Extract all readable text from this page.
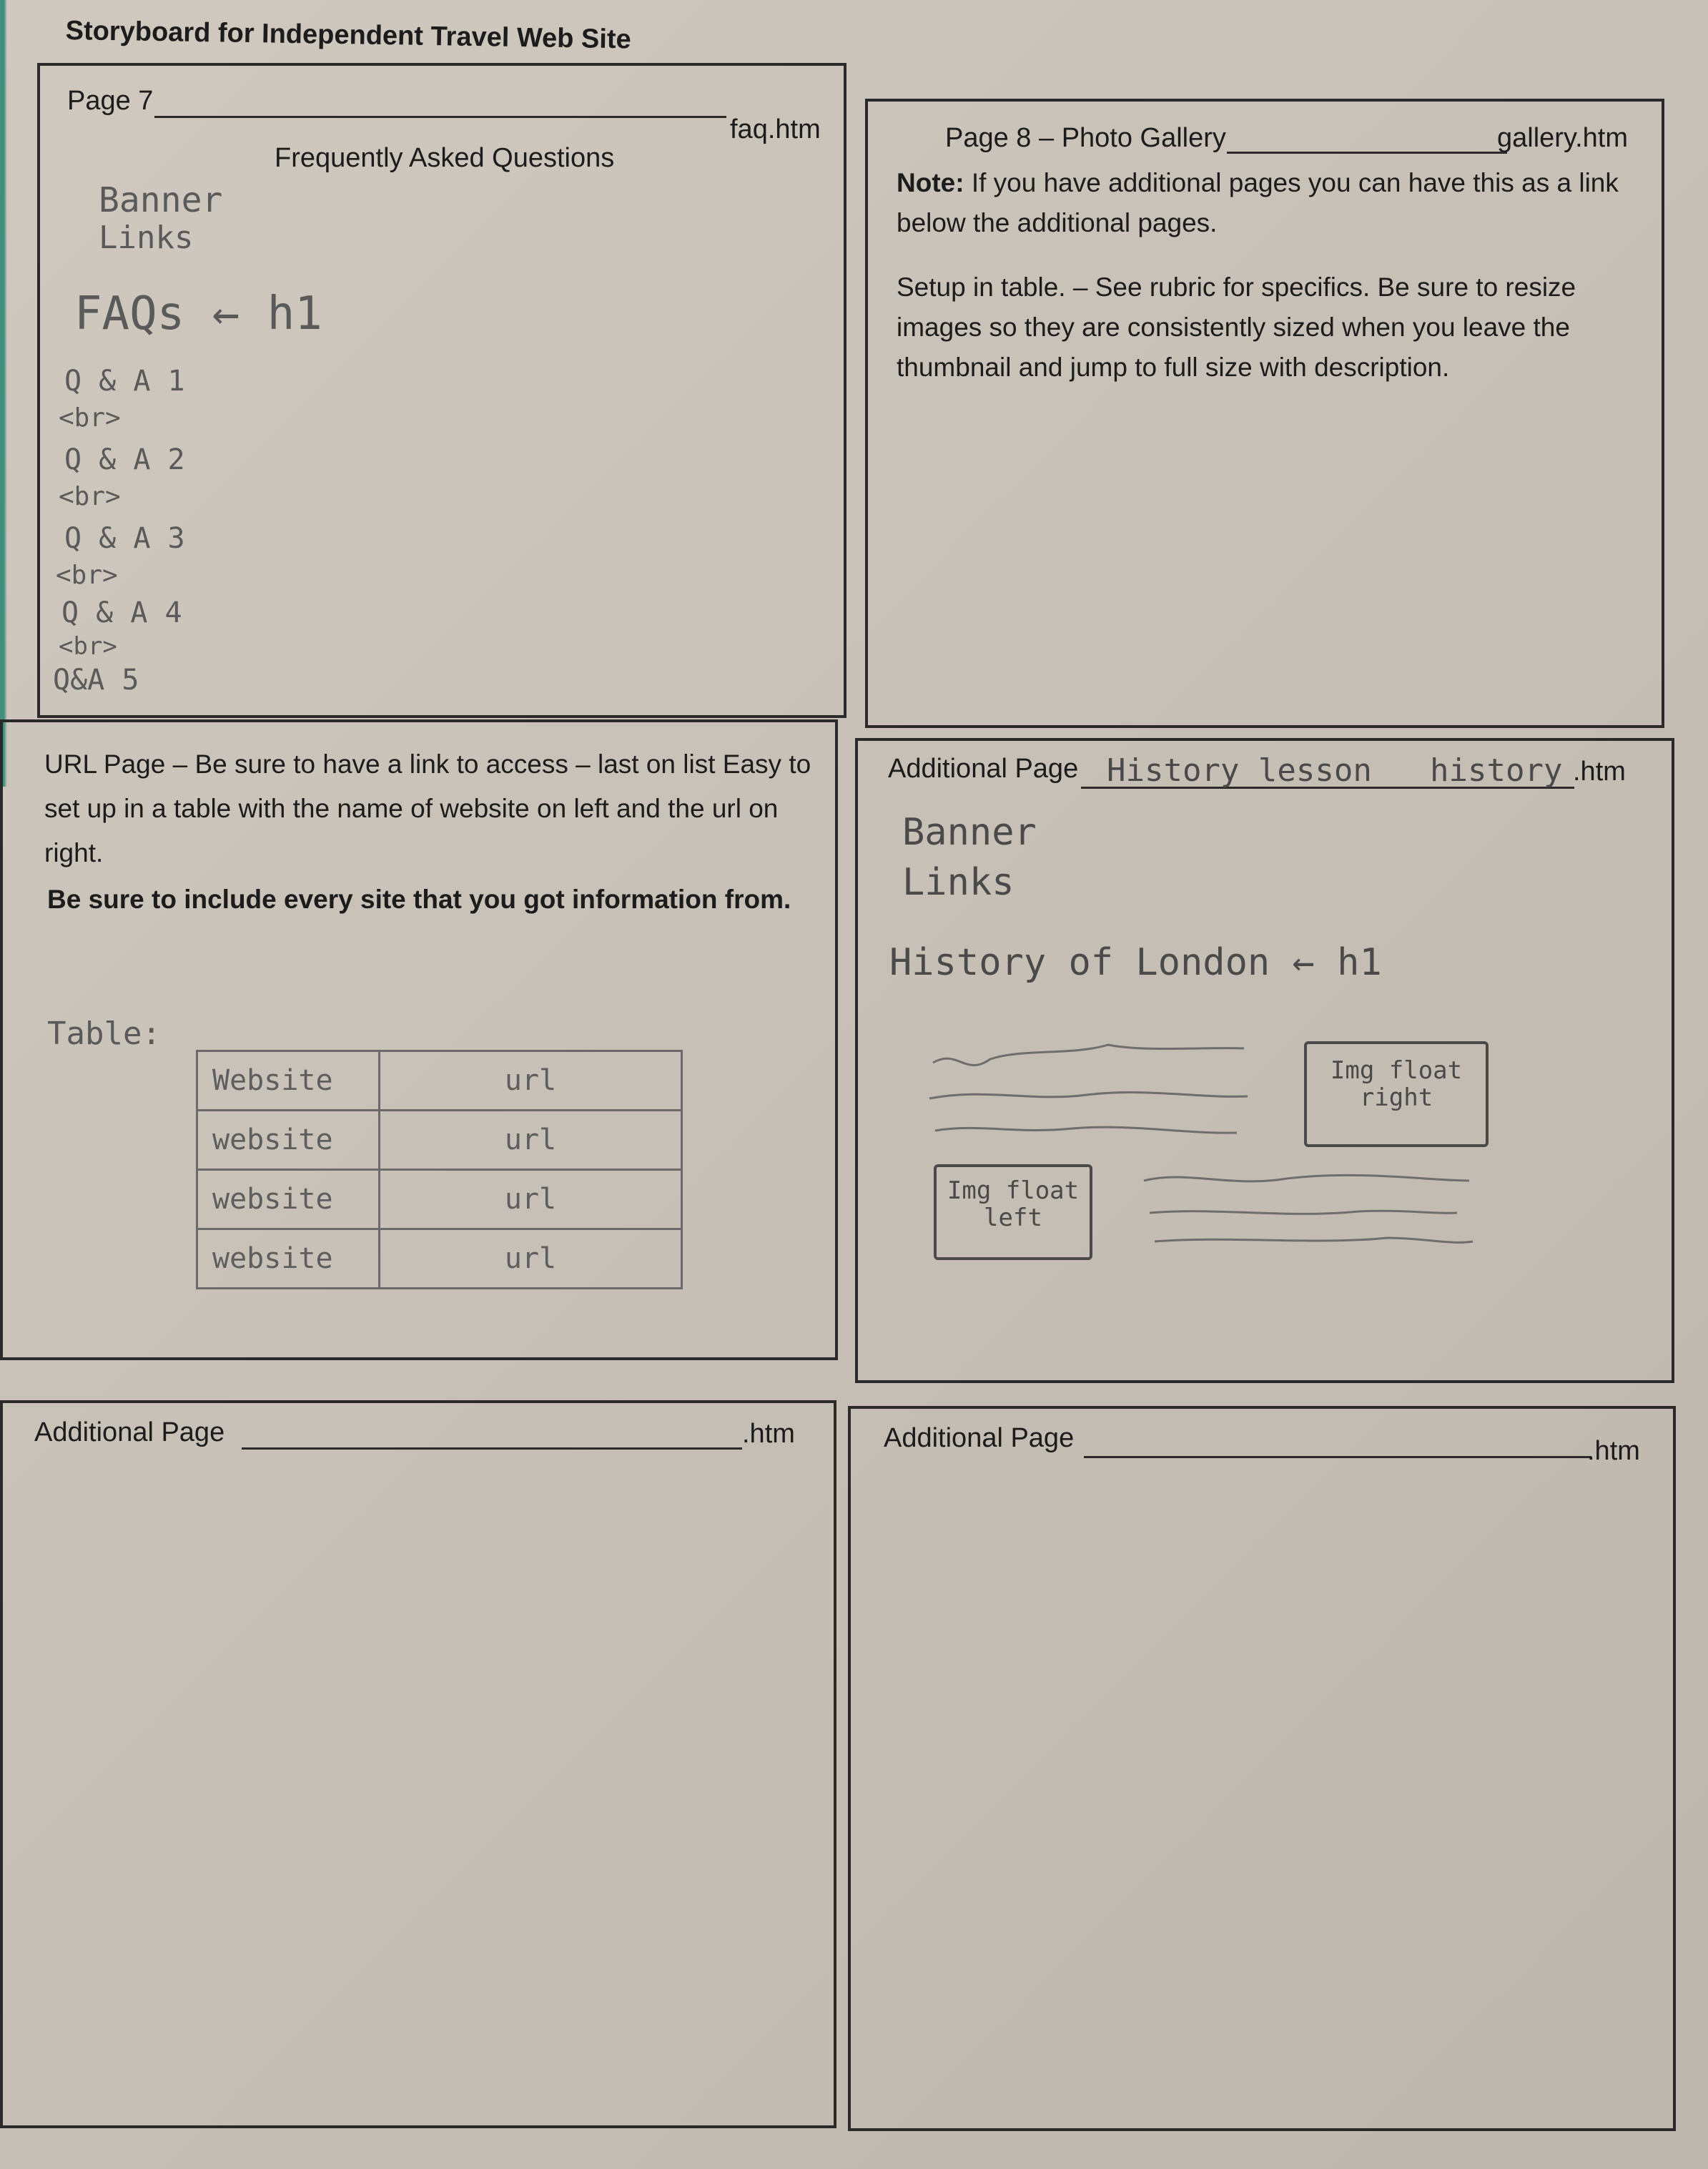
Storyboard for Independent Travel Web Site
Page 7
faq.htm
Frequently Asked Questions
Banner
Links
FAQs ← h1
Q & A 1
<br>
Q & A 2
<br>
Q & A 3
<br>
Q & A 4
<br>
Q&A 5
Page 8 – Photo Gallery	gallery.htm
Note: If you have additional pages you can have this as a link below the additional pages.
Setup in table. – See rubric for specifics. Be sure to resize images so they are consistently sized when you leave the thumbnail and jump to full size with description.
URL Page – Be sure to have a link to access – last on list Easy to set up in a table with the name of website on left and the url on right.
Be sure to include every site that you got information from.
Table:
Website	url
website	url
website	url
website	url
Additional Page History lesson history .htm
Banner
Links
History of London ← h1
Img float right
Img float left
Additional Page	.htm	Additional Page	.htm
